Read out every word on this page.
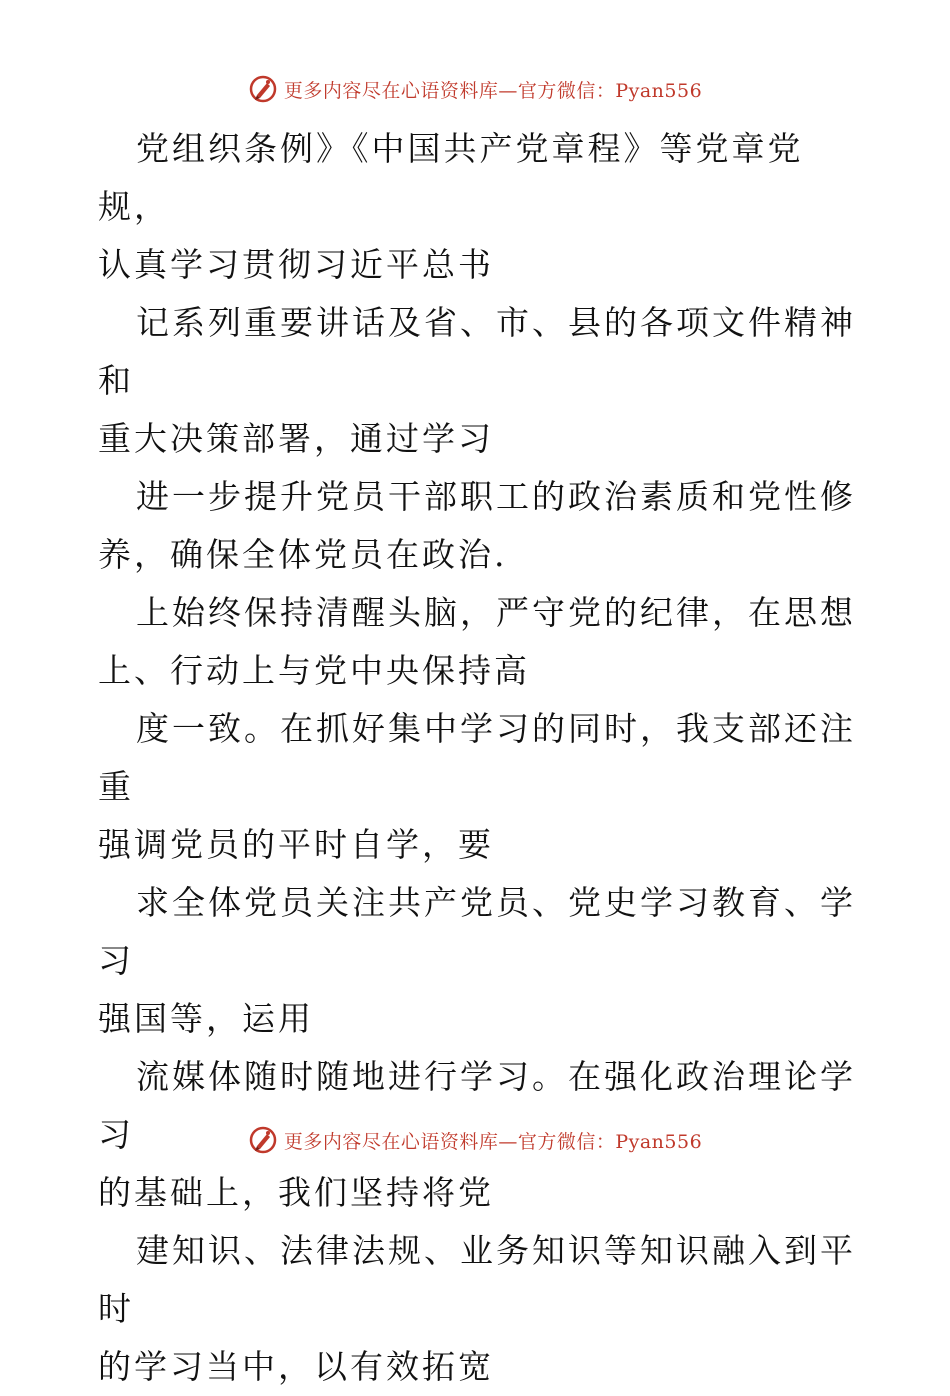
更多内容尽在心语资料库—官方微信：Pyan556

党组织条例》《中国共产党章程》等党章党规，
认真学习贯彻习近平总书

记系列重要讲话及省、市、县的各项文件精神和
重大决策部署，通过学习

进一步提升党员干部职工的政治素质和党性修
养，确保全体党员在政治.

上始终保持清醒头脑，严守党的纪律，在思想
上、行动上与党中央保持高

度一致。在抓好集中学习的同时，我支部还注重
强调党员的平时自学，要

求全体党员关注共产党员、党史学习教育、学习
强国等，运用

流媒体随时随地进行学习。在强化政治理论学习
的基础上，我们坚持将党

建知识、法律法规、业务知识等知识融入到平时
的学习当中，以有效拓宽

更多内容尽在心语资料库—官方微信：Pyan556
